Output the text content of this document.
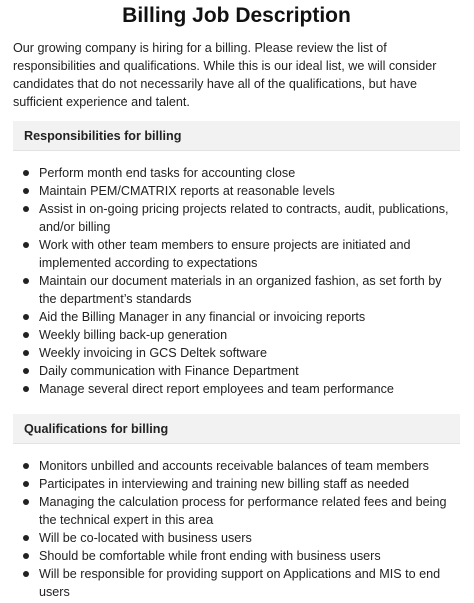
Billing Job Description

Our growing company is hiring for a billing. Please review the list of responsibilities and qualifications. While this is our ideal list, we will consider candidates that do not necessarily have all of the qualifications, but have sufficient experience and talent.

Responsibilities for billing
Perform month end tasks for accounting close
Maintain PEM/CMATRIX reports at reasonable levels
Assist in on-going pricing projects related to contracts, audit, publications, and/or billing
Work with other team members to ensure projects are initiated and implemented according to expectations
Maintain our document materials in an organized fashion, as set forth by the department’s standards
Aid the Billing Manager in any financial or invoicing reports
Weekly billing back-up generation
Weekly invoicing in GCS Deltek software
Daily communication with Finance Department
Manage several direct report employees and team performance
Qualifications for billing
Monitors unbilled and accounts receivable balances of team members
Participates in interviewing and training new billing staff as needed
Managing the calculation process for performance related fees and being the technical expert in this area
Will be co-located with business users
Should be comfortable while front ending with business users
Will be responsible for providing support on Applications and MIS to end users
